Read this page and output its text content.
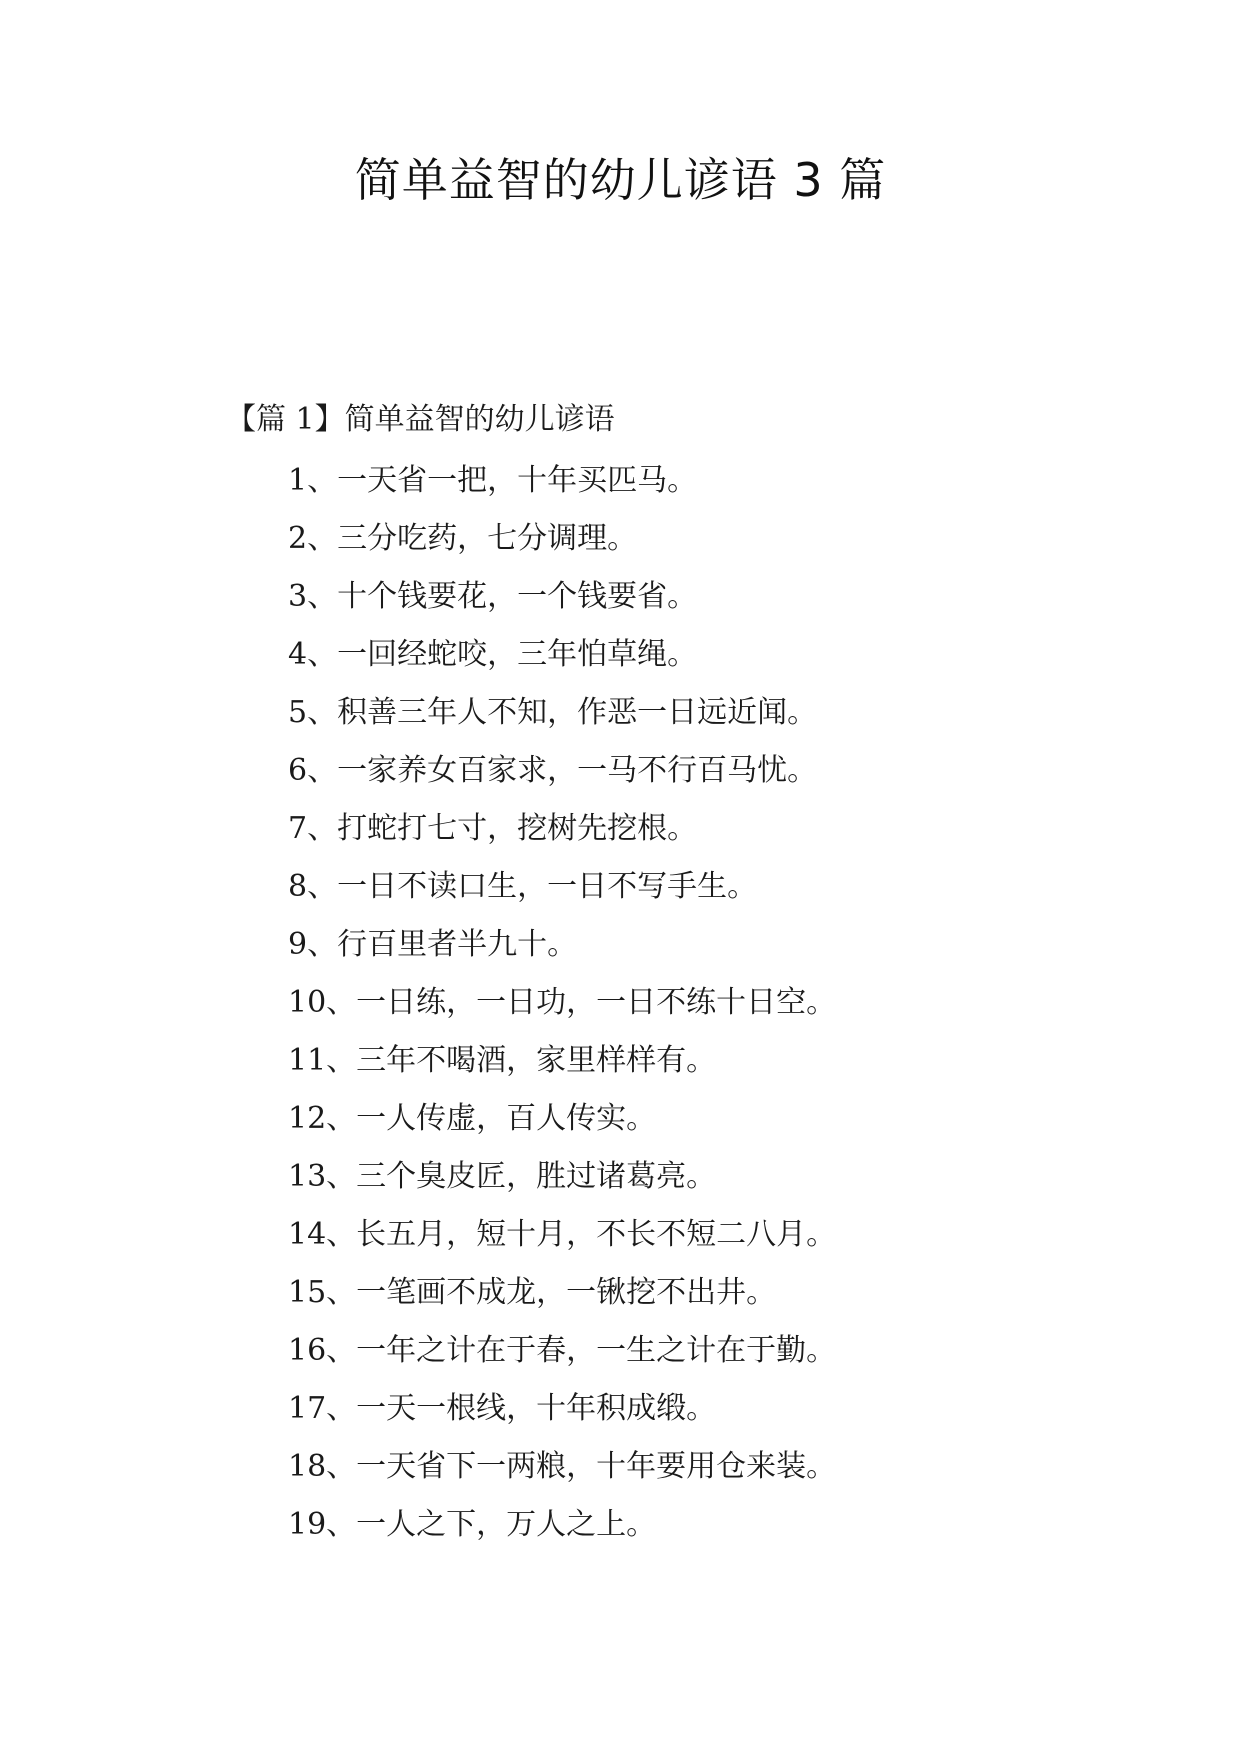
简单益智的幼儿谚语 3 篇
【篇 1】简单益智的幼儿谚语
1、一天省一把，十年买匹马。
2、三分吃药，七分调理。
3、十个钱要花，一个钱要省。
4、一回经蛇咬，三年怕草绳。
5、积善三年人不知，作恶一日远近闻。
6、一家养女百家求，一马不行百马忧。
7、打蛇打七寸，挖树先挖根。
8、一日不读口生，一日不写手生。
9、行百里者半九十。
10、一日练，一日功，一日不练十日空。
11、三年不喝酒，家里样样有。
12、一人传虚，百人传实。
13、三个臭皮匠，胜过诸葛亮。
14、长五月，短十月，不长不短二八月。
15、一笔画不成龙，一锹挖不出井。
16、一年之计在于春，一生之计在于勤。
17、一天一根线，十年积成缎。
18、一天省下一两粮，十年要用仓来装。
19、一人之下，万人之上。
